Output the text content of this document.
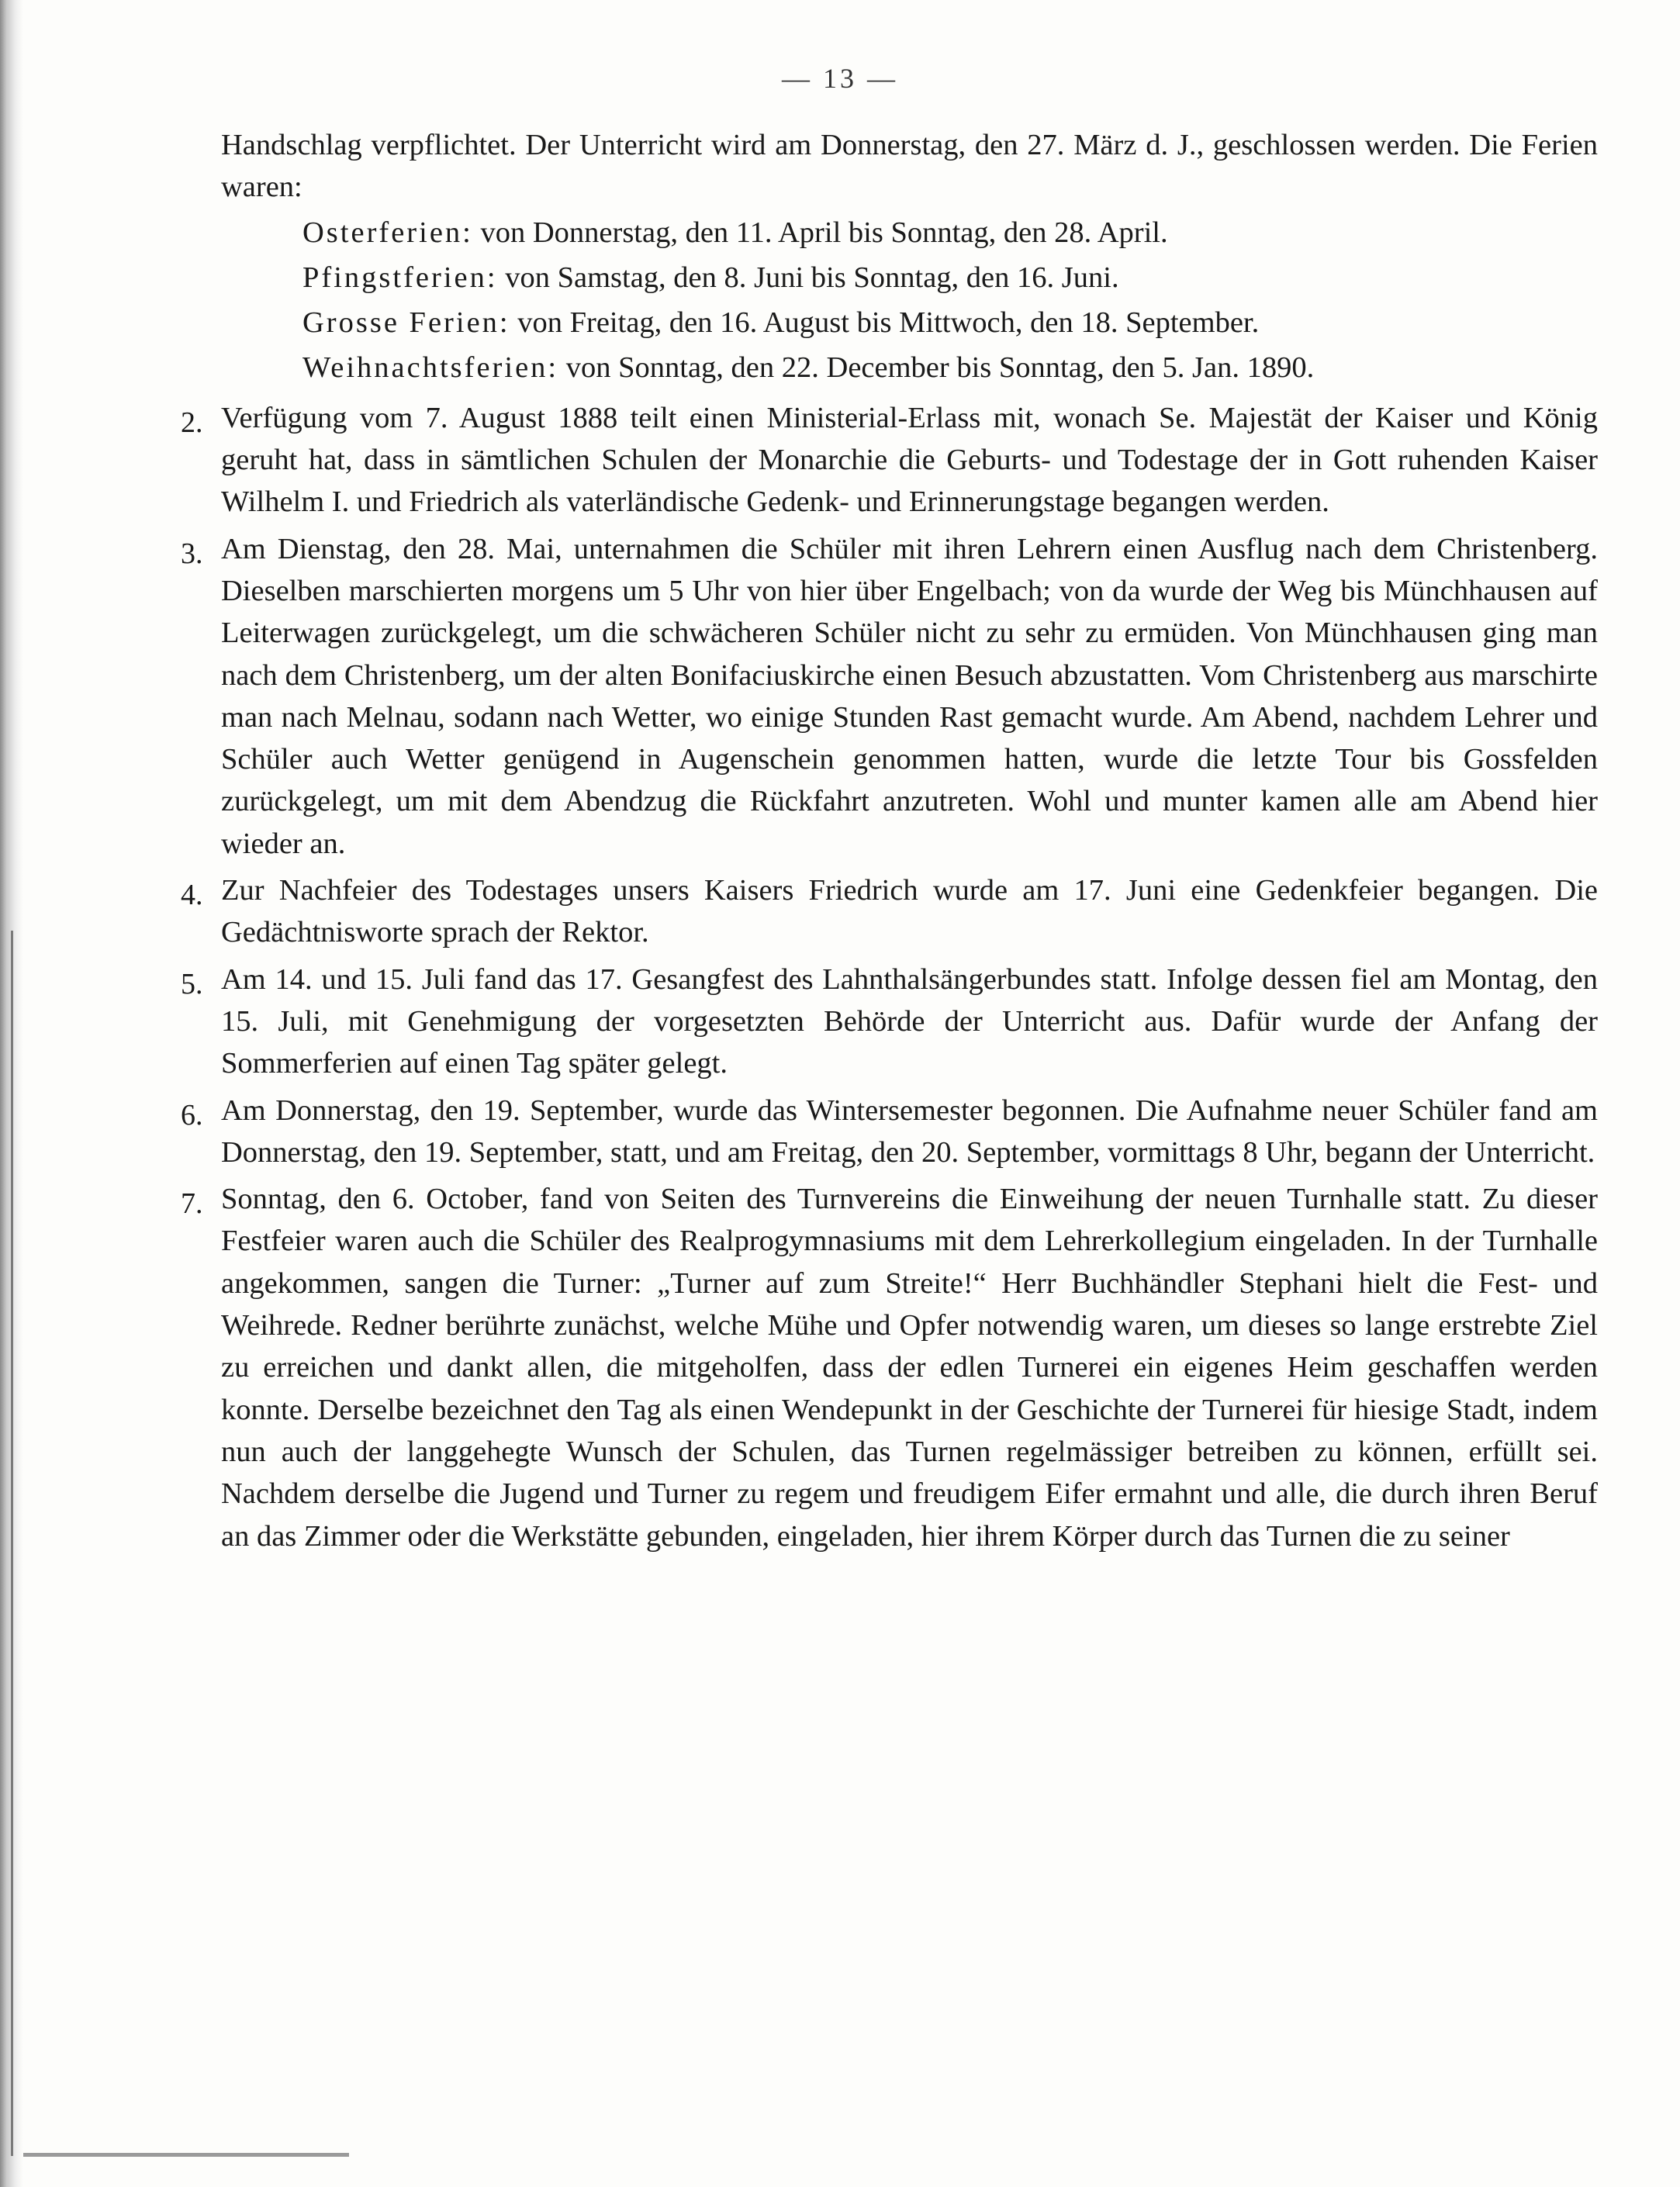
— 13 —

Handschlag verpflichtet. Der Unterricht wird am Donnerstag, den 27. März d. J., geschlossen werden. Die Ferien waren:

Osterferien: von Donnerstag, den 11. April bis Sonntag, den 28. April.
Pfingstferien: von Samstag, den 8. Juni bis Sonntag, den 16. Juni.
Grosse Ferien: von Freitag, den 16. August bis Mittwoch, den 18. September.
Weihnachtsferien: von Sonntag, den 22. December bis Sonntag, den 5. Jan. 1890.
2. Verfügung vom 7. August 1888 teilt einen Ministerial-Erlass mit, wonach Se. Majestät der Kaiser und König geruht hat, dass in sämtlichen Schulen der Monarchie die Geburts- und Todestage der in Gott ruhenden Kaiser Wilhelm I. und Friedrich als vaterländische Gedenk- und Erinnerungstage begangen werden.
3. Am Dienstag, den 28. Mai, unternahmen die Schüler mit ihren Lehrern einen Ausflug nach dem Christenberg. Dieselben marschierten morgens um 5 Uhr von hier über Engelbach; von da wurde der Weg bis Münchhausen auf Leiterwagen zurückgelegt, um die schwächeren Schüler nicht zu sehr zu ermüden. Von Münchhausen ging man nach dem Christenberg, um der alten Bonifaciuskirche einen Besuch abzustatten. Vom Christenberg aus marschirte man nach Melnau, sodann nach Wetter, wo einige Stunden Rast gemacht wurde. Am Abend, nachdem Lehrer und Schüler auch Wetter genügend in Augenschein genommen hatten, wurde die letzte Tour bis Gossfelden zurückgelegt, um mit dem Abendzug die Rückfahrt anzutreten. Wohl und munter kamen alle am Abend hier wieder an.
4. Zur Nachfeier des Todestages unsers Kaisers Friedrich wurde am 17. Juni eine Gedenkfeier begangen. Die Gedächtnisworte sprach der Rektor.
5. Am 14. und 15. Juli fand das 17. Gesangfest des Lahnthalsängerbundes statt. Infolge dessen fiel am Montag, den 15. Juli, mit Genehmigung der vorgesetzten Behörde der Unterricht aus. Dafür wurde der Anfang der Sommerferien auf einen Tag später gelegt.
6. Am Donnerstag, den 19. September, wurde das Wintersemester begonnen. Die Aufnahme neuer Schüler fand am Donnerstag, den 19. September, statt, und am Freitag, den 20. September, vormittags 8 Uhr, begann der Unterricht.
7. Sonntag, den 6. October, fand von Seiten des Turnvereins die Einweihung der neuen Turnhalle statt. Zu dieser Festfeier waren auch die Schüler des Realprogymnasiums mit dem Lehrerkollegium eingeladen. In der Turnhalle angekommen, sangen die Turner: „Turner auf zum Streite!“ Herr Buchhändler Stephani hielt die Fest- und Weihrede. Redner berührte zunächst, welche Mühe und Opfer notwendig waren, um dieses so lange erstrebte Ziel zu erreichen und dankt allen, die mitgeholfen, dass der edlen Turnerei ein eigenes Heim geschaffen werden konnte. Derselbe bezeichnet den Tag als einen Wendepunkt in der Geschichte der Turnerei für hiesige Stadt, indem nun auch der langgehegte Wunsch der Schulen, das Turnen regelmässiger betreiben zu können, erfüllt sei. Nachdem derselbe die Jugend und Turner zu regem und freudigem Eifer ermahnt und alle, die durch ihren Beruf an das Zimmer oder die Werkstätte gebunden, eingeladen, hier ihrem Körper durch das Turnen die zu seiner
